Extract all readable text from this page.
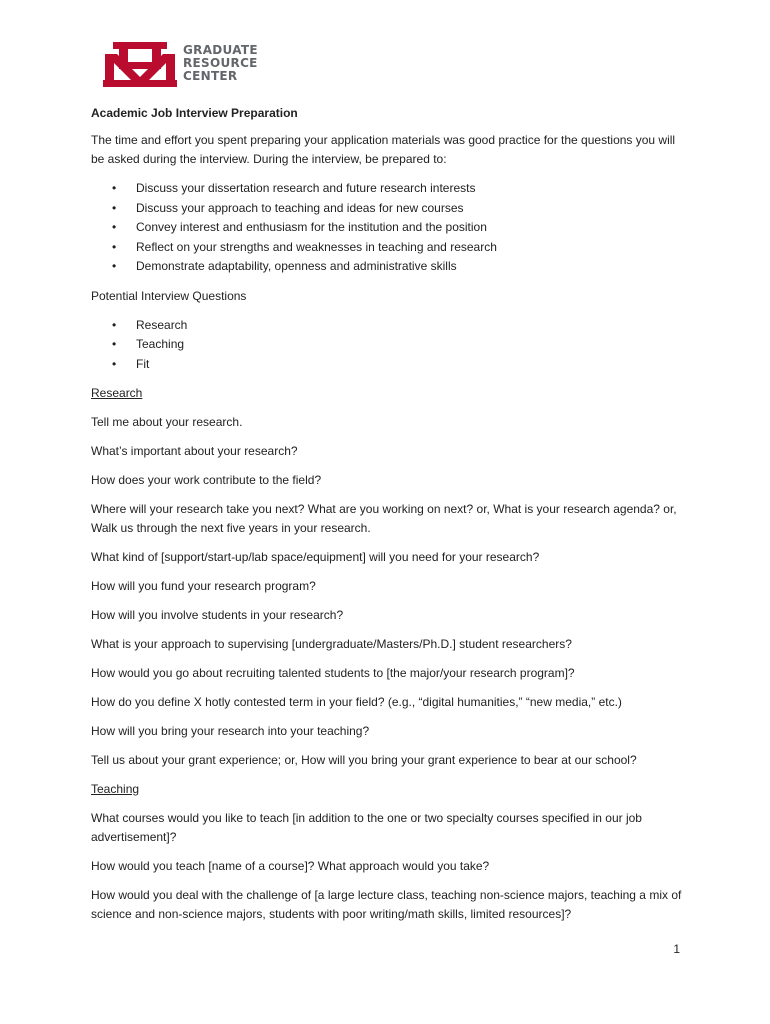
GRADUATE
RESOURCE
CENTER

Academic Job Interview Preparation

The time and effort you spent preparing your application materials was good practice for the questions you will be asked during the interview. During the interview, be prepared to:

• Discuss your dissertation research and future research interests
• Discuss your approach to teaching and ideas for new courses
• Convey interest and enthusiasm for the institution and the position
• Reflect on your strengths and weaknesses in teaching and research
• Demonstrate adaptability, openness and administrative skills

Potential Interview Questions

• Research
• Teaching
• Fit

Research

Tell me about your research.

What’s important about your research?

How does your work contribute to the field?

Where will your research take you next? What are you working on next? or, What is your research agenda? or, Walk us through the next five years in your research.

What kind of [support/start-up/lab space/equipment] will you need for your research?

How will you fund your research program?

How will you involve students in your research?

What is your approach to supervising [undergraduate/Masters/Ph.D.] student researchers?

How would you go about recruiting talented students to [the major/your research program]?

How do you define X hotly contested term in your field? (e.g., “digital humanities,” “new media,” etc.)

How will you bring your research into your teaching?

Tell us about your grant experience; or, How will you bring your grant experience to bear at our school?

Teaching

What courses would you like to teach [in addition to the one or two specialty courses specified in our job advertisement]?

How would you teach [name of a course]? What approach would you take?

How would you deal with the challenge of [a large lecture class, teaching non-science majors, teaching a mix of science and non-science majors, students with poor writing/math skills, limited resources]?

1
